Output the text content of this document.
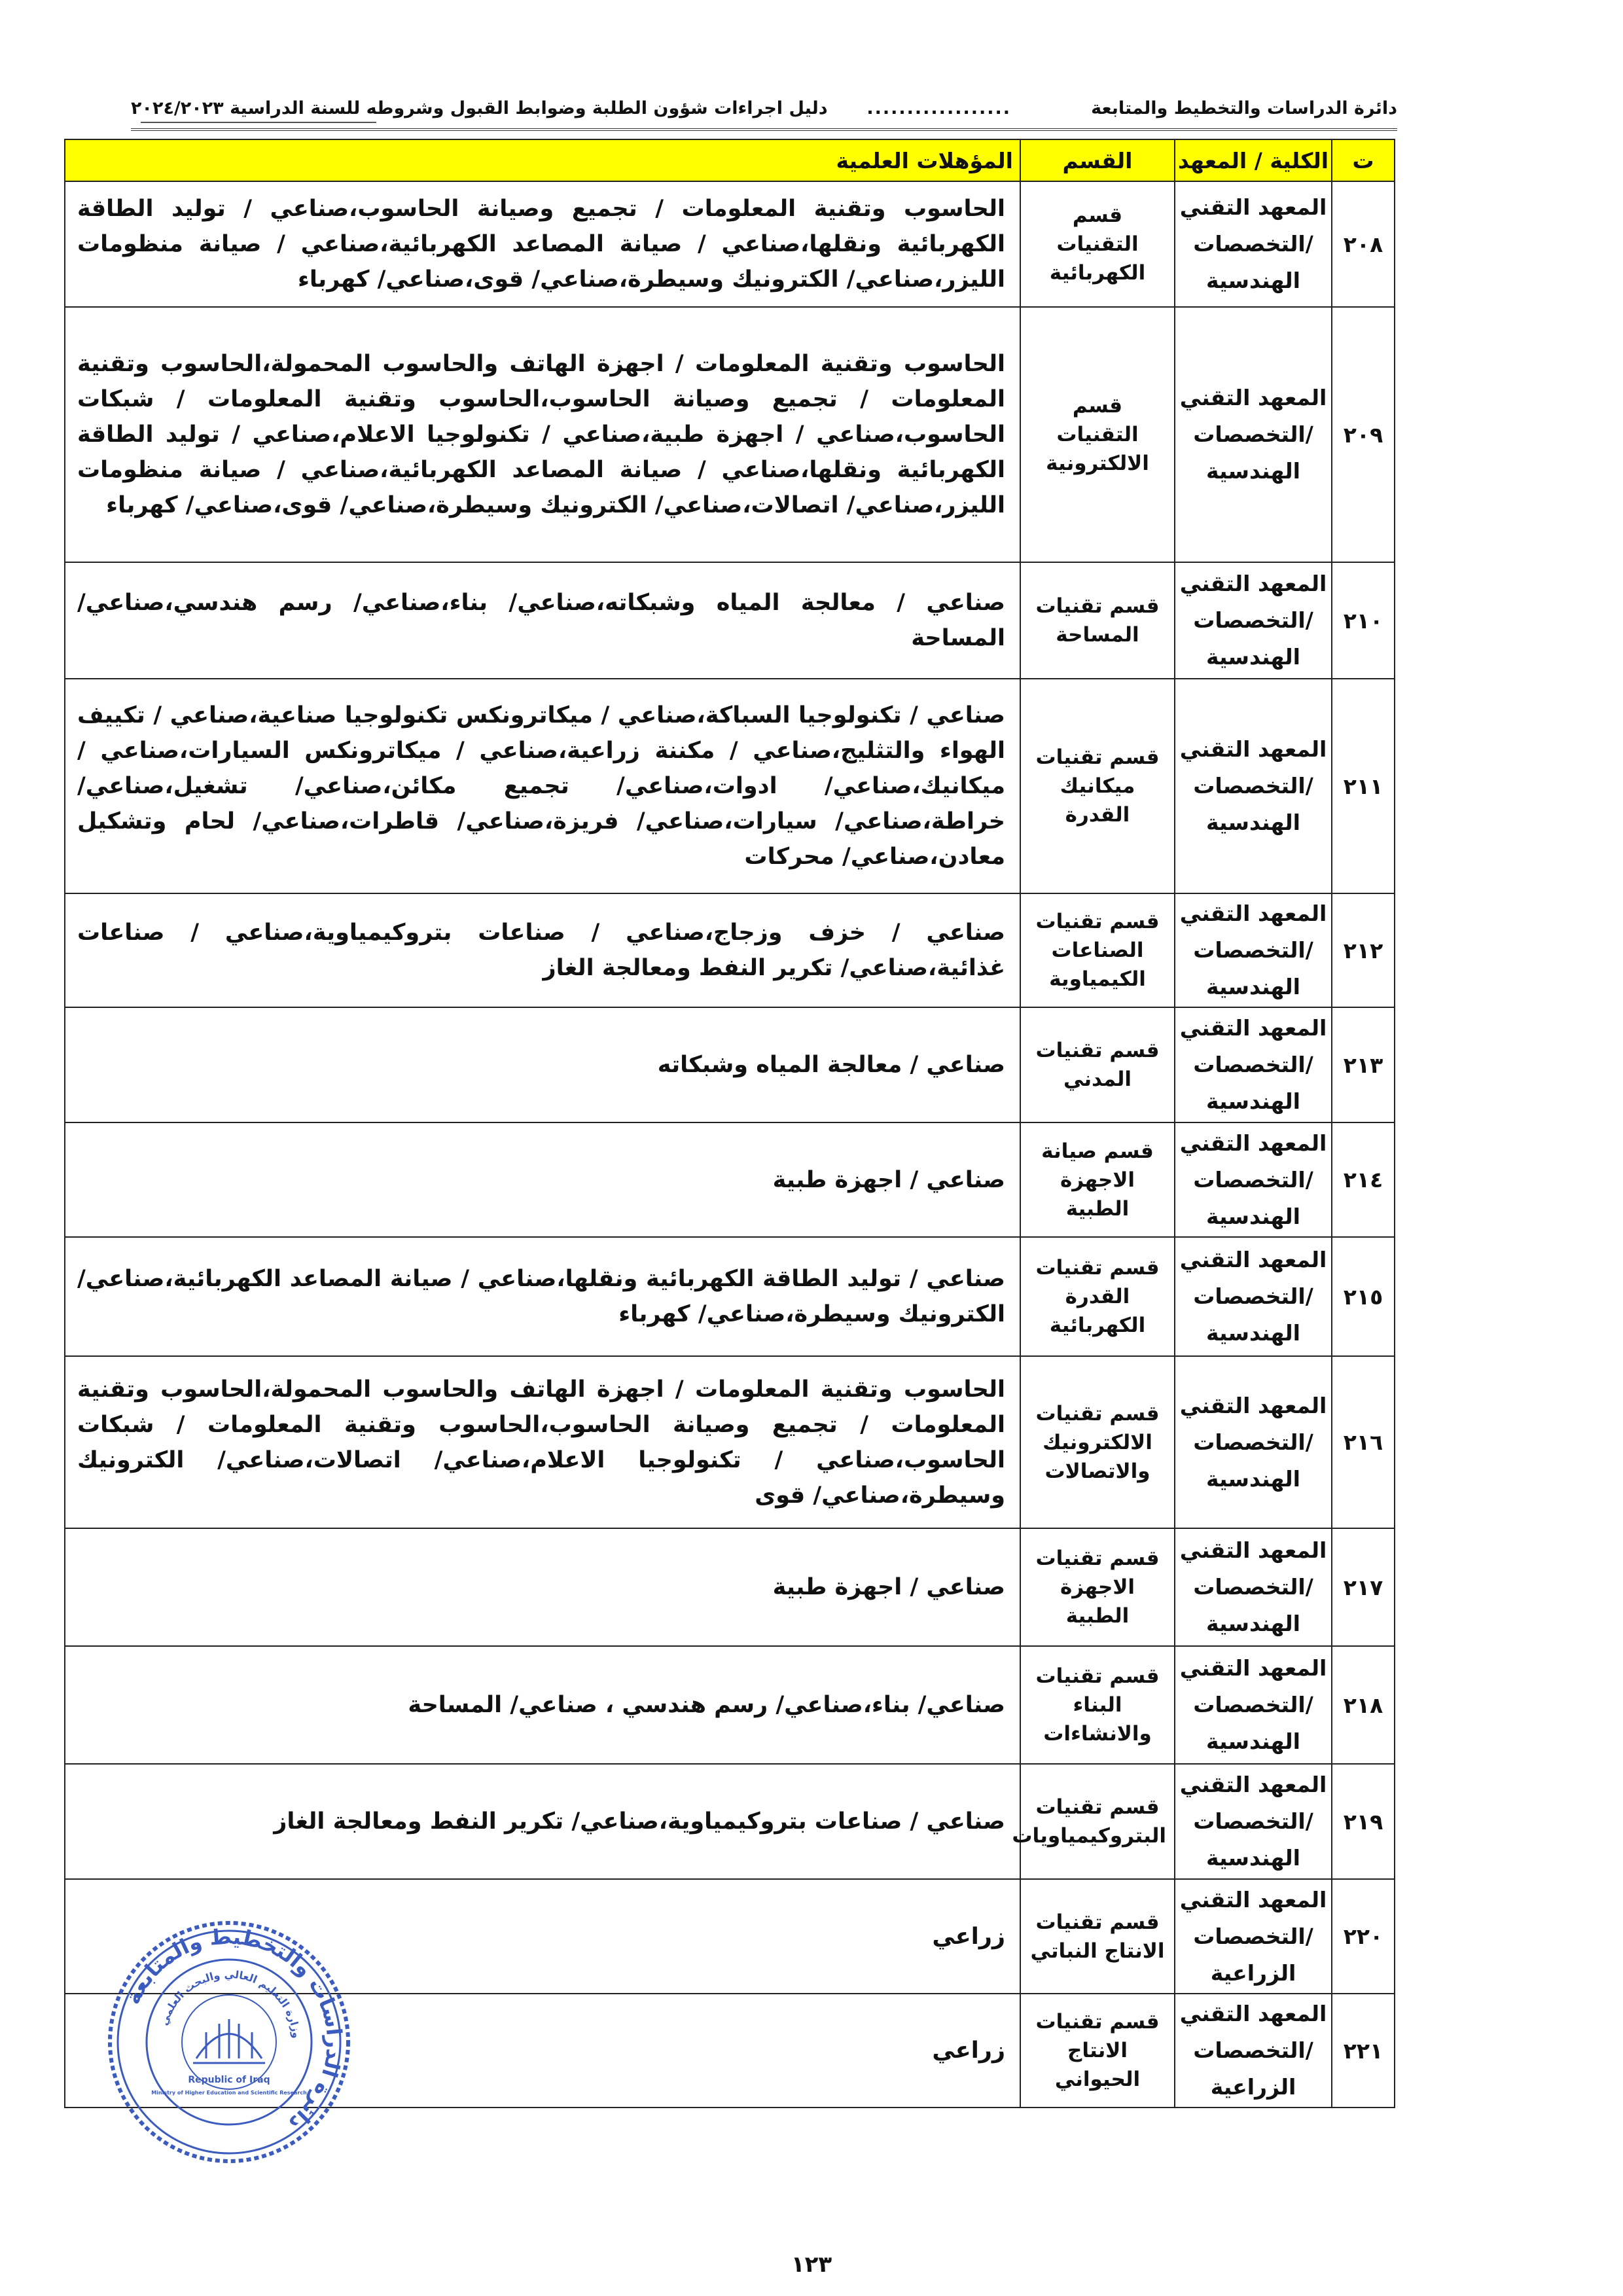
دائرة الدراسات والتخطيط والمتابعة
..................
دليل اجراءات شؤون الطلبة وضوابط القبول وشروطه للسنة الدراسية ٢٠٢٤/٢٠٢٣
ت	الكلية / المعهد	القسم	المؤهلات العلمية
٢٠٨	المعهد التقني /التخصصات الهندسية	قسم التقنيات الكهربائية	الحاسوب وتقنية المعلومات / تجميع وصيانة الحاسوب،صناعي / توليد الطاقة الكهربائية ونقلها،صناعي / صيانة المصاعد الكهربائية،صناعي / صيانة منظومات الليزر،صناعي/ الكترونيك وسيطرة،صناعي/ قوى،صناعي/ كهرباء
٢٠٩	المعهد التقني /التخصصات الهندسية	قسم التقنيات الالكترونية	الحاسوب وتقنية المعلومات / اجهزة الهاتف والحاسوب المحمولة،الحاسوب وتقنية المعلومات / تجميع وصيانة الحاسوب،الحاسوب وتقنية المعلومات / شبكات الحاسوب،صناعي / اجهزة طبية،صناعي / تكنولوجيا الاعلام،صناعي / توليد الطاقة الكهربائية ونقلها،صناعي / صيانة المصاعد الكهربائية،صناعي / صيانة منظومات الليزر،صناعي/ اتصالات،صناعي/ الكترونيك وسيطرة،صناعي/ قوى،صناعي/ كهرباء
٢١٠	المعهد التقني /التخصصات الهندسية	قسم تقنيات المساحة	صناعي / معالجة المياه وشبكاته،صناعي/ بناء،صناعي/ رسم هندسي،صناعي/ المساحة
٢١١	المعهد التقني /التخصصات الهندسية	قسم تقنيات ميكانيك القدرة	صناعي / تكنولوجيا السباكة،صناعي / ميكاترونكس تكنولوجيا صناعية،صناعي / تكييف الهواء والتثليج،صناعي / مكننة زراعية،صناعي / ميكاترونكس السيارات،صناعي / ميكانيك،صناعي/ ادوات،صناعي/ تجميع مكائن،صناعي/ تشغيل،صناعي/ خراطة،صناعي/ سيارات،صناعي/ فريزة،صناعي/ قاطرات،صناعي/ لحام وتشكيل معادن،صناعي/ محركات
٢١٢	المعهد التقني /التخصصات الهندسية	قسم تقنيات الصناعات الكيمياوية	صناعي / خزف وزجاج،صناعي / صناعات بتروكيمياوية،صناعي / صناعات غذائية،صناعي/ تكرير النفط ومعالجة الغاز
٢١٣	المعهد التقني /التخصصات الهندسية	قسم تقنيات المدني	صناعي / معالجة المياه وشبكاته
٢١٤	المعهد التقني /التخصصات الهندسية	قسم صيانة الاجهزة الطبية	صناعي / اجهزة طبية
٢١٥	المعهد التقني /التخصصات الهندسية	قسم تقنيات القدرة الكهربائية	صناعي / توليد الطاقة الكهربائية ونقلها،صناعي / صيانة المصاعد الكهربائية،صناعي/ الكترونيك وسيطرة،صناعي/ كهرباء
٢١٦	المعهد التقني /التخصصات الهندسية	قسم تقنيات الالكترونيك والاتصالات	الحاسوب وتقنية المعلومات / اجهزة الهاتف والحاسوب المحمولة،الحاسوب وتقنية المعلومات / تجميع وصيانة الحاسوب،الحاسوب وتقنية المعلومات / شبكات الحاسوب،صناعي / تكنولوجيا الاعلام،صناعي/ اتصالات،صناعي/ الكترونيك وسيطرة،صناعي/ قوى
٢١٧	المعهد التقني /التخصصات الهندسية	قسم تقنيات الاجهزة الطبية	صناعي / اجهزة طبية
٢١٨	المعهد التقني /التخصصات الهندسية	قسم تقنيات البناء والانشاءات	صناعي/ بناء،صناعي/ رسم هندسي ، صناعي/ المساحة
٢١٩	المعهد التقني /التخصصات الهندسية	قسم تقنيات البتروكيمياويات	صناعي / صناعات بتروكيمياوية،صناعي/ تكرير النفط ومعالجة الغاز
٢٢٠	المعهد التقني /التخصصات الزراعية	قسم تقنيات الانتاج النباتي	زراعي
٢٢١	المعهد التقني /التخصصات الزراعية	قسم تقنيات الانتاج الحيواني	زراعي
دائرة الدراسات والتخطيط والمتابعة
وزارة التعليم العالي والبحث العلمي
Republic of Iraq
Ministry of Higher Education and Scientific Research
١٢٣
